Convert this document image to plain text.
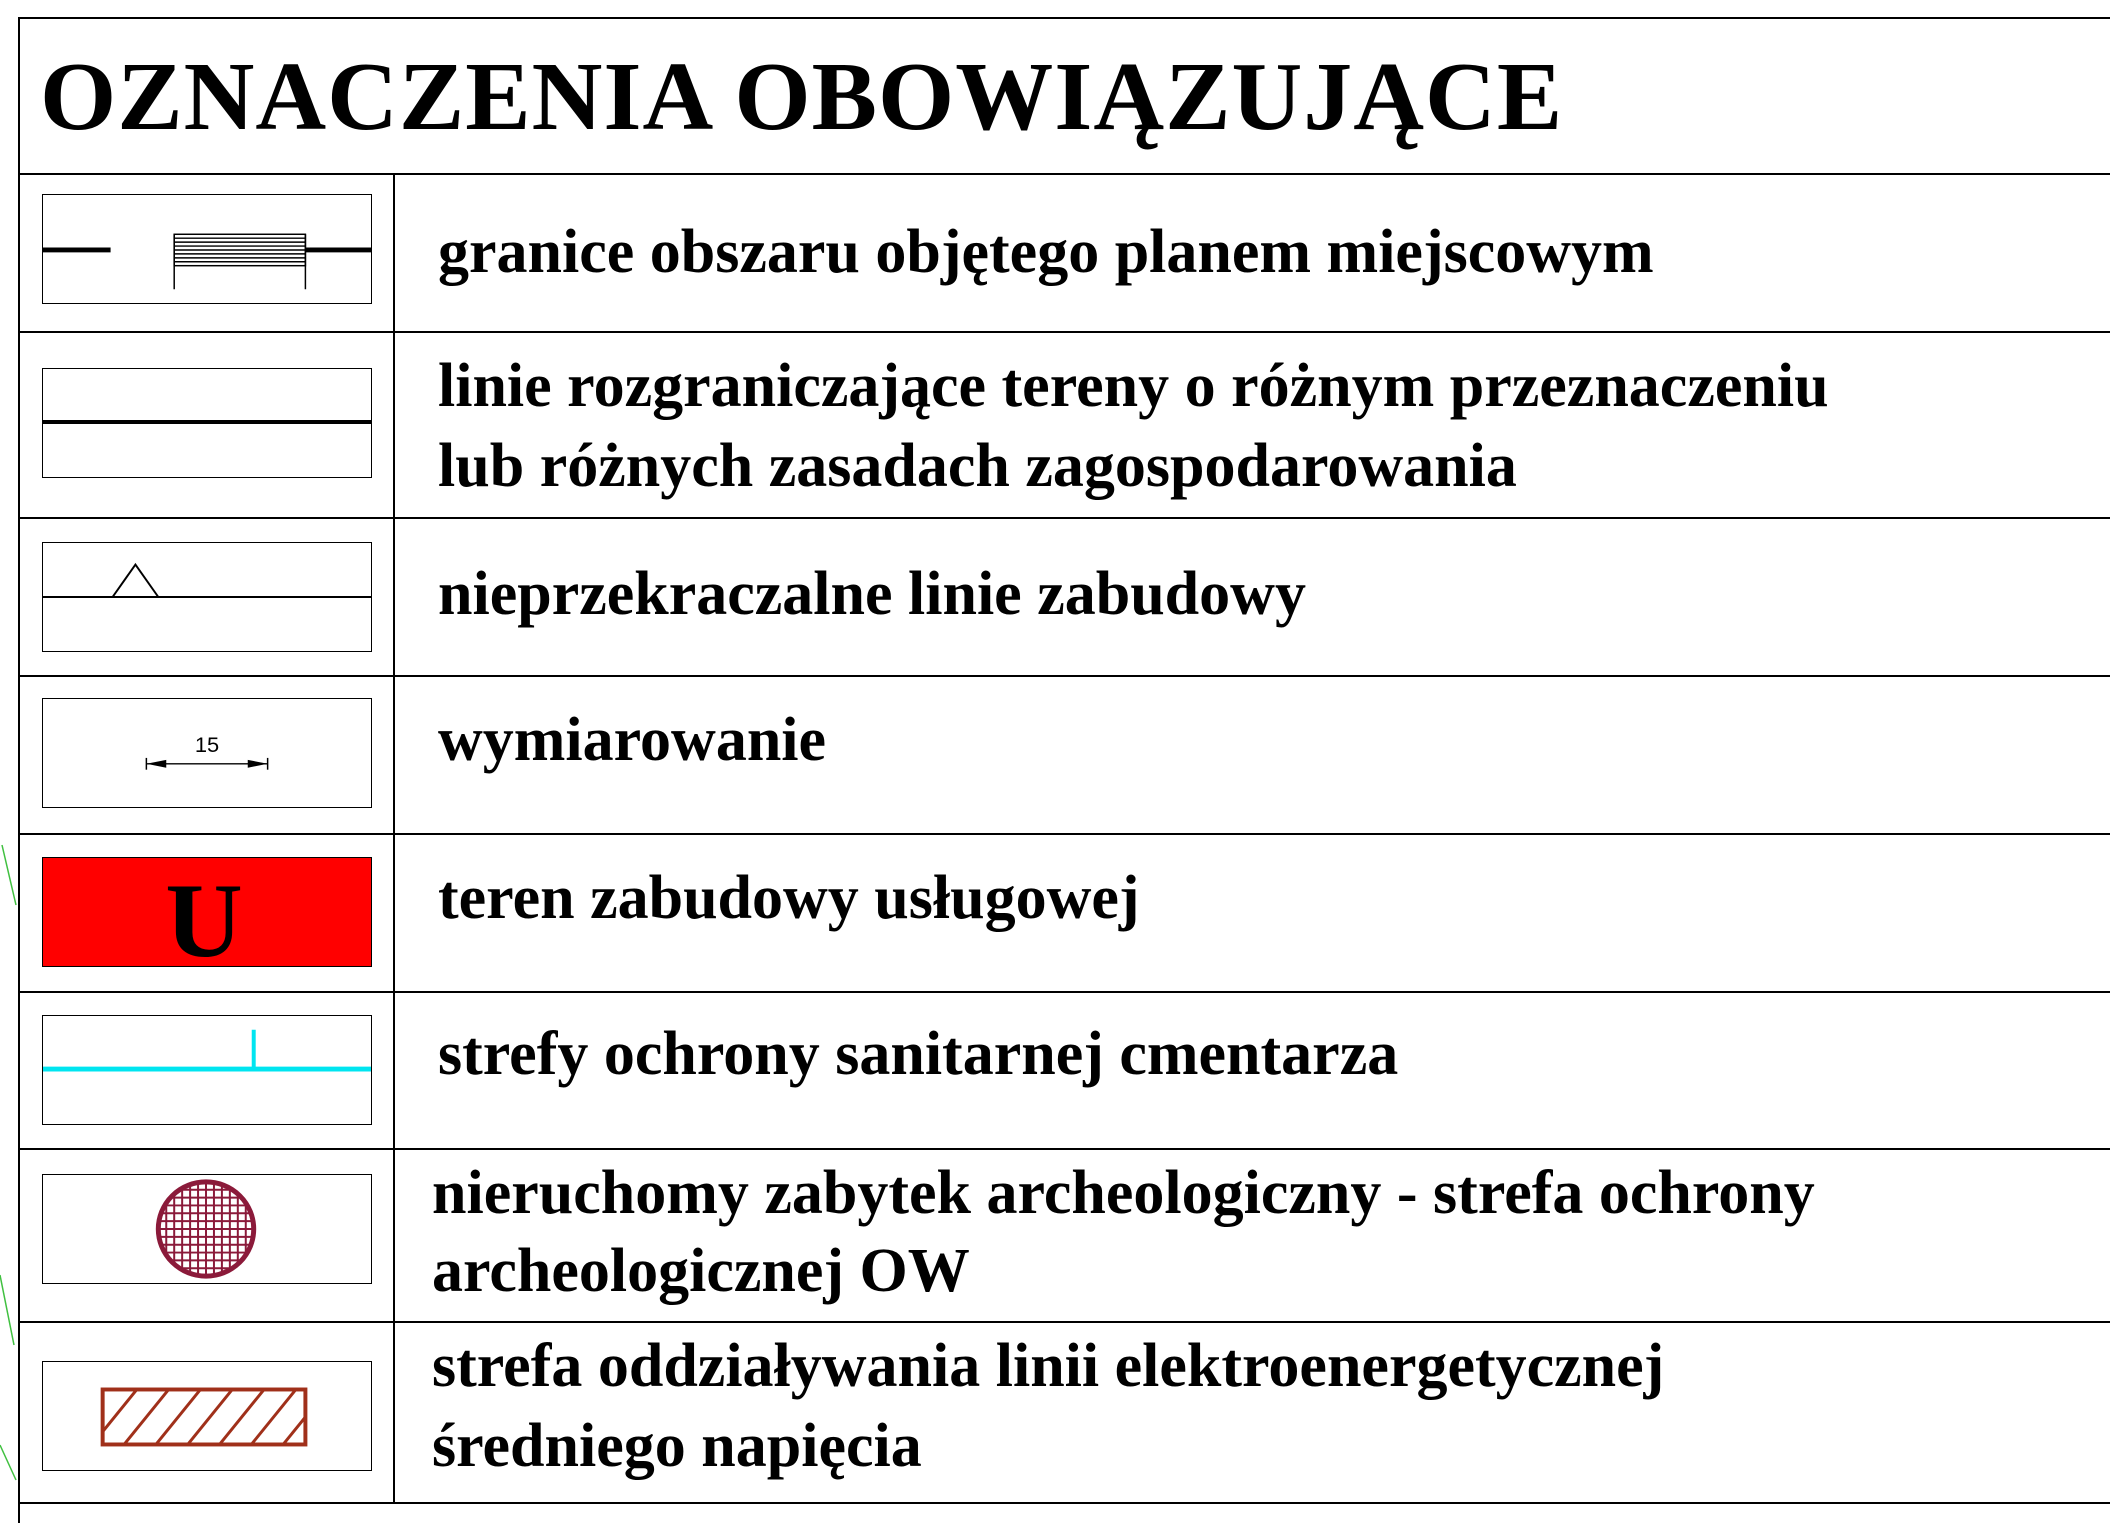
OZNACZENIA OBOWIĄZUJĄCE
granice obszaru objętego planem miejscowym
linie rozgraniczające tereny o różnym przeznaczeniu
lub różnych zasadach zagospodarowania
nieprzekraczalne linie zabudowy
15	wymiarowanie
U	teren zabudowy usługowej
strefy ochrony sanitarnej cmentarza
nieruchomy zabytek archeologiczny - strefa ochrony
archeologicznej OW
strefa oddziaływania linii elektroenergetycznej
średniego napięcia
